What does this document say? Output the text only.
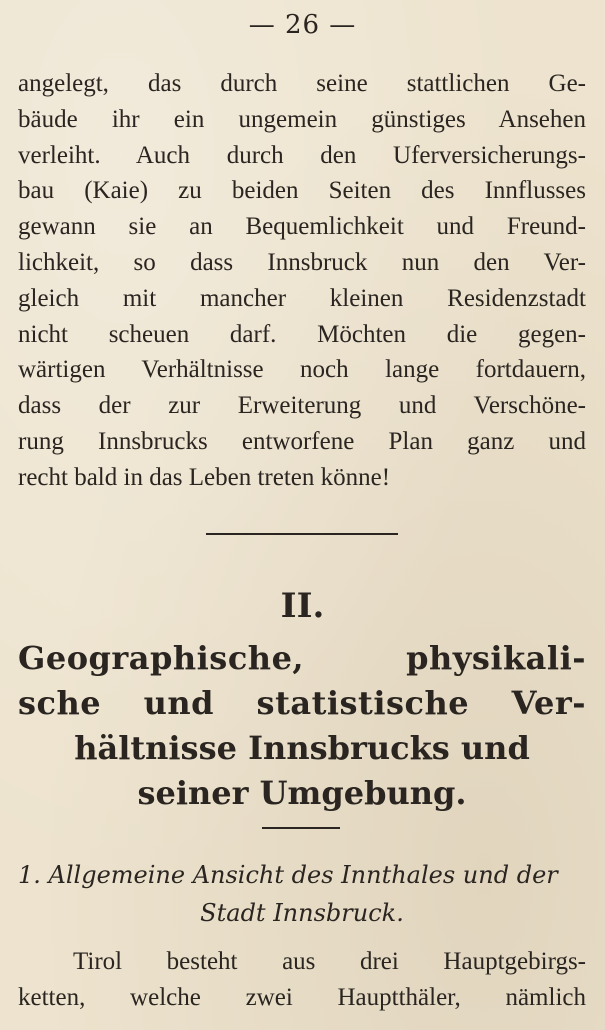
— 26 —
angelegt, das durch seine stattlichen Ge-
bäude ihr ein ungemein günstiges Ansehen
verleiht. Auch durch den Uferversicherungs-
bau (Kaie) zu beiden Seiten des Innflusses
gewann sie an Bequemlichkeit und Freund-
lichkeit, so dass Innsbruck nun den Ver-
gleich mit mancher kleinen Residenzstadt
nicht scheuen darf. Möchten die gegen-
wärtigen Verhältnisse noch lange fortdauern,
dass der zur Erweiterung und Verschöne-
rung Innsbrucks entworfene Plan ganz und
recht bald in das Leben treten könne!
II.
Geographische, physikali-
sche und statistische Ver-
hältnisse Innsbrucks und
seiner Umgebung.
1. Allgemeine Ansicht des Innthales und der
Stadt Innsbruck.
Tirol besteht aus drei Hauptgebirgs-
ketten, welche zwei Hauptthäler, nämlich
